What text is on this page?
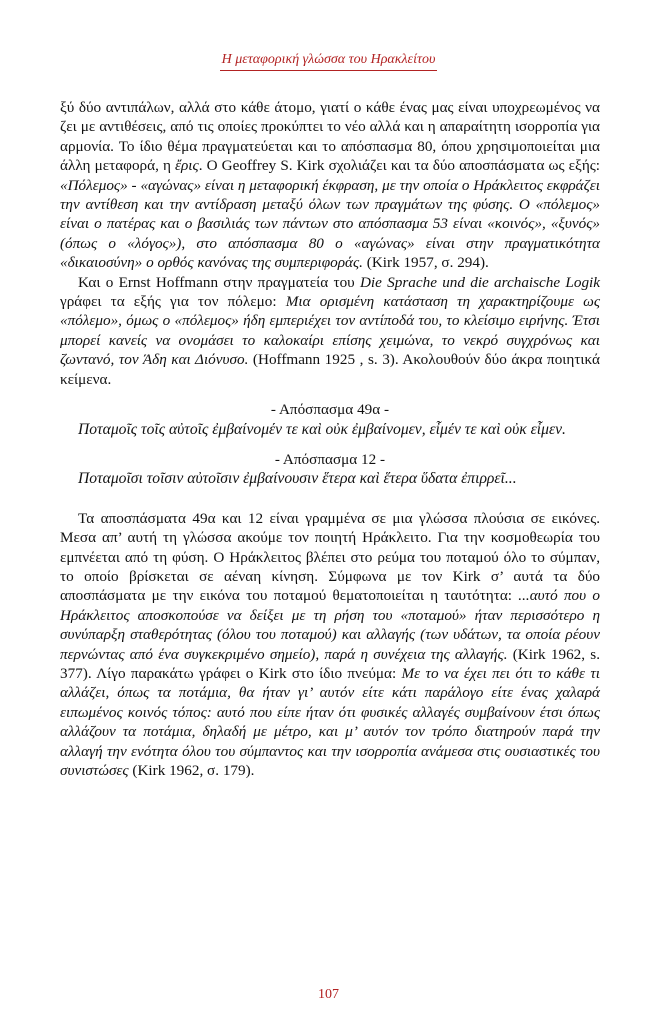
Η μεταφορική γλώσσα του Ηρακλείτου

ξύ δύο αντιπάλων, αλλά στο κάθε άτομο, γιατί ο κάθε ένας μας είναι υποχρεωμένος να ζει με αντιθέσεις, από τις οποίες προκύπτει το νέο αλλά και η απαραίτητη ισορροπία για αρμονία. Το ίδιο θέμα πραγματεύεται και το απόσπασμα 80, όπου χρησιμοποιείται μια άλλη μεταφορά, η ἔρις. Ο Geoffrey S. Kirk σχολιάζει και τα δύο αποσπάσματα ως εξής: «Πόλεμος» - «αγώνας» είναι η μεταφορική έκφραση, με την οποία ο Ηράκλειτος εκφράζει την αντίθεση και την αντίδραση μεταξύ όλων των πραγμάτων της φύσης. Ο «πόλεμος» είναι ο πατέρας και ο βασιλιάς των πάντων στο απόσπασμα 53 είναι «κοινός», «ξυνός» (όπως ο «λόγος»), στο απόσπασμα 80 ο «αγώνας» είναι στην πραγματικότητα «δικαιοσύνη» ο ορθός κανόνας της συμπεριφοράς. (Kirk 1957, σ. 294).

Και ο Ernst Hoffmann στην πραγματεία του Die Sprache und die archaische Logik γράφει τα εξής για τον πόλεμο: Μια ορισμένη κατάσταση τη χαρακτηρίζουμε ως «πόλεμο», όμως ο «πόλεμος» ήδη εμπεριέχει τον αντίποδά του, το κλείσιμο ειρήνης. Έτσι μπορεί κανείς να ονομάσει το καλοκαίρι επίσης χειμώνα, το νεκρό συγχρόνως και ζωντανό, τον Άδη και Διόνυσο. (Hoffmann 1925 , s. 3). Ακολουθούν δύο άκρα ποιητικά κείμενα.

- Απόσπασμα 49α -

Ποταμοῖς τοῖς αὐτοῖς ἐμβαίνομέν τε καὶ οὐκ ἐμβαίνομεν, εἶμέν τε καὶ οὐκ εἶμεν.

- Απόσπασμα 12 -

Ποταμοῖσι τοῖσιν αὐτοῖσιν ἐμβαίνουσιν ἕτερα καὶ ἕτερα ὕδατα ἐπιρρεῖ...

Τα αποσπάσματα 49α και 12 είναι γραμμένα σε μια γλώσσα πλούσια σε εικόνες. Μεσα απ’ αυτή τη γλώσσα ακούμε τον ποιητή Ηράκλειτο. Για την κοσμοθεωρία του εμπνέεται από τη φύση. Ο Ηράκλειτος βλέπει στο ρεύμα του ποταμού όλο το σύμπαν, το οποίο βρίσκεται σε αέναη κίνηση. Σύμφωνα με τον Kirk σ’ αυτά τα δύο αποσπάσματα με την εικόνα του ποταμού θεματοποιείται η ταυτότητα: ...αυτό που ο Ηράκλειτος αποσκοπούσε να δείξει με τη ρήση του «ποταμού» ήταν περισσότερο η συνύπαρξη σταθερότητας (όλου του ποταμού) και αλλαγής (των υδάτων, τα οποία ρέουν περνώντας από ένα συγκεκριμένο σημείο), παρά η συνέχεια της αλλαγής. (Kirk 1962, s. 377). Λίγο παρακάτω γράφει ο Kirk στο ίδιο πνεύμα: Με το να έχει πει ότι το κάθε τι αλλάζει, όπως τα ποτάμια, θα ήταν γι’ αυτόν είτε κάτι παράλογο είτε ένας χαλαρά ειπωμένος κοινός τόπος: αυτό που είπε ήταν ότι φυσικές αλλαγές συμβαίνουν έτσι όπως αλλάζουν τα ποτάμια, δηλαδή με μέτρο, και μ’ αυτόν τον τρόπο διατηρούν παρά την αλλαγή την ενότητα όλου του σύμπαντος και την ισορροπία ανάμεσα στις ουσιαστικές του συνιστώσες (Kirk 1962, σ. 179).

107
